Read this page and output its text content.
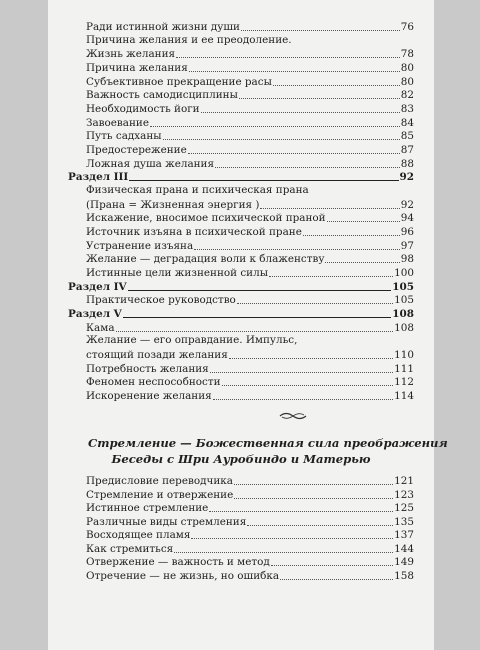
Ради истинной жизни души	76
Причина желания и ее преодоление.
Жизнь желания	78
Причина желания	80
Субъективное прекращение расы	80
Важность самодисциплины	82
Необходимость йоги	83
Завоевание	84
Путь садханы	85
Предостережение	87
Ложная душа желания	88
Раздел III	92
Физическая прана и психическая прана
(Прана = Жизненная энергия )	92
Искажение, вносимое психической праной	94
Источник изъяна в психической пране	96
Устранение изъяна	97
Желание — деградация воли к блаженству	98
Истинные цели жизненной силы	100
Раздел IV	105
Практическое руководство	105
Раздел V	108
Кама	108
Желание — его оправдание. Импульс,
стоящий позади желания	110
Потребность желания	111
Феномен неспособности	112
Искоренение желания	114
Предисловие переводчика	121
Стремление и отвержение	123
Истинное стремление	125
Различные виды стремления	135
Восходящее пламя	137
Как стремиться	144
Отвержение — важность и метод	149
Отречение — не жизнь, но ошибка	158
Стремление — Божественная сила преображения
Беседы с Шри Ауробиндо и Матерью
